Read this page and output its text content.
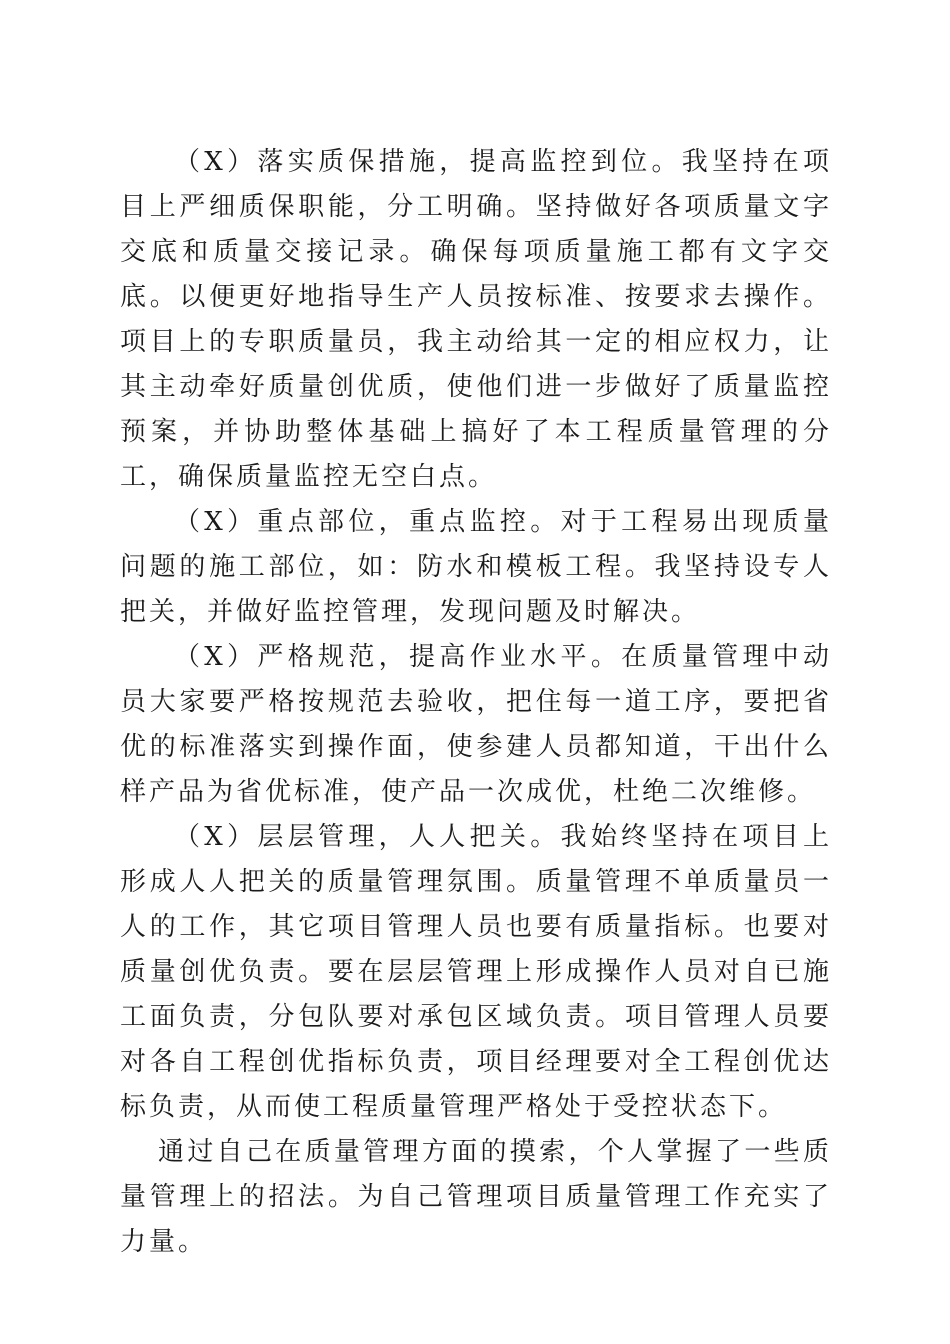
（X）落实质保措施，提高监控到位。我坚持在项目上严细质保职能，分工明确。坚持做好各项质量文字交底和质量交接记录。确保每项质量施工都有文字交底。以便更好地指导生产人员按标准、按要求去操作。项目上的专职质量员，我主动给其一定的相应权力，让其主动牵好质量创优质，使他们进一步做好了质量监控预案，并协助整体基础上搞好了本工程质量管理的分工，确保质量监控无空白点。

（X）重点部位，重点监控。对于工程易出现质量问题的施工部位，如：防水和模板工程。我坚持设专人把关，并做好监控管理，发现问题及时解决。

（X）严格规范，提高作业水平。在质量管理中动员大家要严格按规范去验收，把住每一道工序，要把省优的标准落实到操作面，使参建人员都知道，干出什么样产品为省优标准，使产品一次成优，杜绝二次维修。

（X）层层管理，人人把关。我始终坚持在项目上形成人人把关的质量管理氛围。质量管理不单质量员一人的工作，其它项目管理人员也要有质量指标。也要对质量创优负责。要在层层管理上形成操作人员对自已施工面负责，分包队要对承包区域负责。项目管理人员要对各自工程创优指标负责，项目经理要对全工程创优达标负责，从而使工程质量管理严格处于受控状态下。

通过自己在质量管理方面的摸索，个人掌握了一些质量管理上的招法。为自己管理项目质量管理工作充实了力量。
